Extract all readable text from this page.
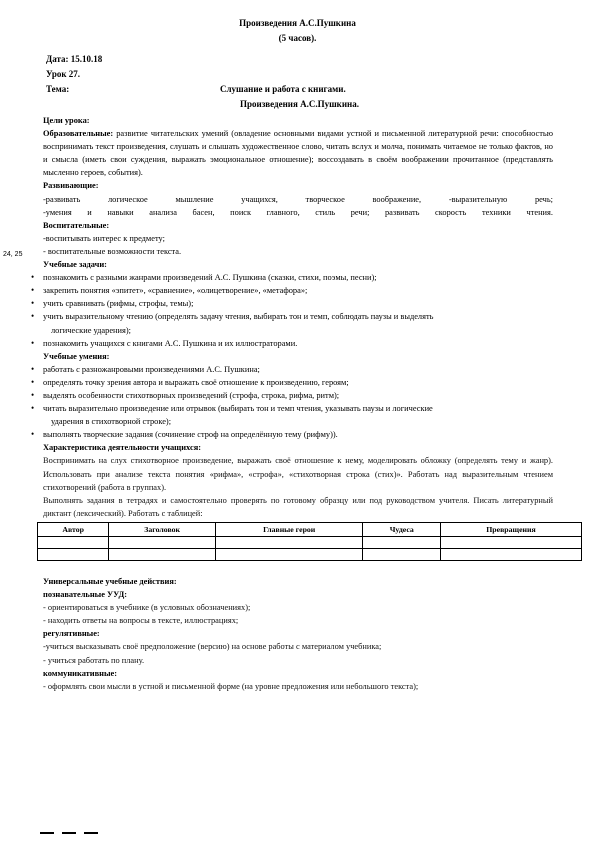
24, 25
Произведения А.С.Пушкина
(5 часов).
Дата: 15.10.18
Урок 27.
Тема:	Слушание и работа с книгами.
Произведения А.С.Пушкина.

Цели урока:

Образовательные: развитие читательских умений (овладение основными видами устной и письменной литературной речи: способностью воспринимать текст произведения, слушать и слышать художественное слово, читать вслух и молча, понимать читаемое не только фактов, но и смысла (иметь свои суждения, выражать эмоциональное отношение); воссоздавать в своём воображении прочитанное (представлять мысленно героев, события).

Развивающие:

-развивать логическое мышление учащихся, творческое воображение, -выразительную речь;

-умения и навыки анализа басен, поиск главного, стиль речи; развивать скорость техники чтения.

Воспитательные:

-воспитывать интерес к предмету;

- воспитательные возможности текста.

Учебные задачи:

• познакомить с разными жанрами произведений А.С. Пушкина (сказки, стихи, поэмы, песни);
• закрепить понятия «эпитет», «сравнение», «олицетворение», «метафора»;
• учить сравнивать (рифмы, строфы, темы);
• учить выразительному чтению (определять задачу чтения, выбирать тон и темп, соблюдать паузы и выделять
логические ударения);
• познакомить учащихся с книгами А.С. Пушкина и их иллюстраторами.

Учебные умения:

• работать с разножанровыми произведениями А.С. Пушкина;
• определять точку зрения автора и выражать своё отношение к произведению, героям;
• выделять особенности стихотворных произведений (строфа, строка, рифма, ритм);
• читать выразительно произведение или отрывок (выбирать тон и темп чтения, указывать паузы и логические
ударения в стихотворной строке);
• выполнять творческие задания (сочинение строф на определённую тему (рифму)).

Характеристика деятельности учащихся:

Воспринимать на слух стихотворное произведение, выражать своё отношение к нему, моделировать обложку (определять тему и жанр). Использовать при анализе текста понятия «рифма», «строфа», «стихотворная строка (стих)». Работать над выразительным чтением стихотворений (работа в группах).

Выполнять задания в тетрадях и самостоятельно проверять по готовому образцу или под руководством учителя. Писать литературный диктант (лексический). Работать с таблицей:

Автор	Заголовок	Главные герои	Чудеса	Превращения

Универсальные учебные действия:

познавательные УУД:

- ориентироваться в учебнике (в условных обозначениях);

- находить ответы на вопросы в тексте, иллюстрациях;

регулятивные:

-учиться высказывать своё предположение (версию) на основе работы с материалом учебника;

- учиться работать по плану.

коммуникативные:

- оформлять свои мысли в устной и письменной форме (на уровне предложения или небольшого текста);
